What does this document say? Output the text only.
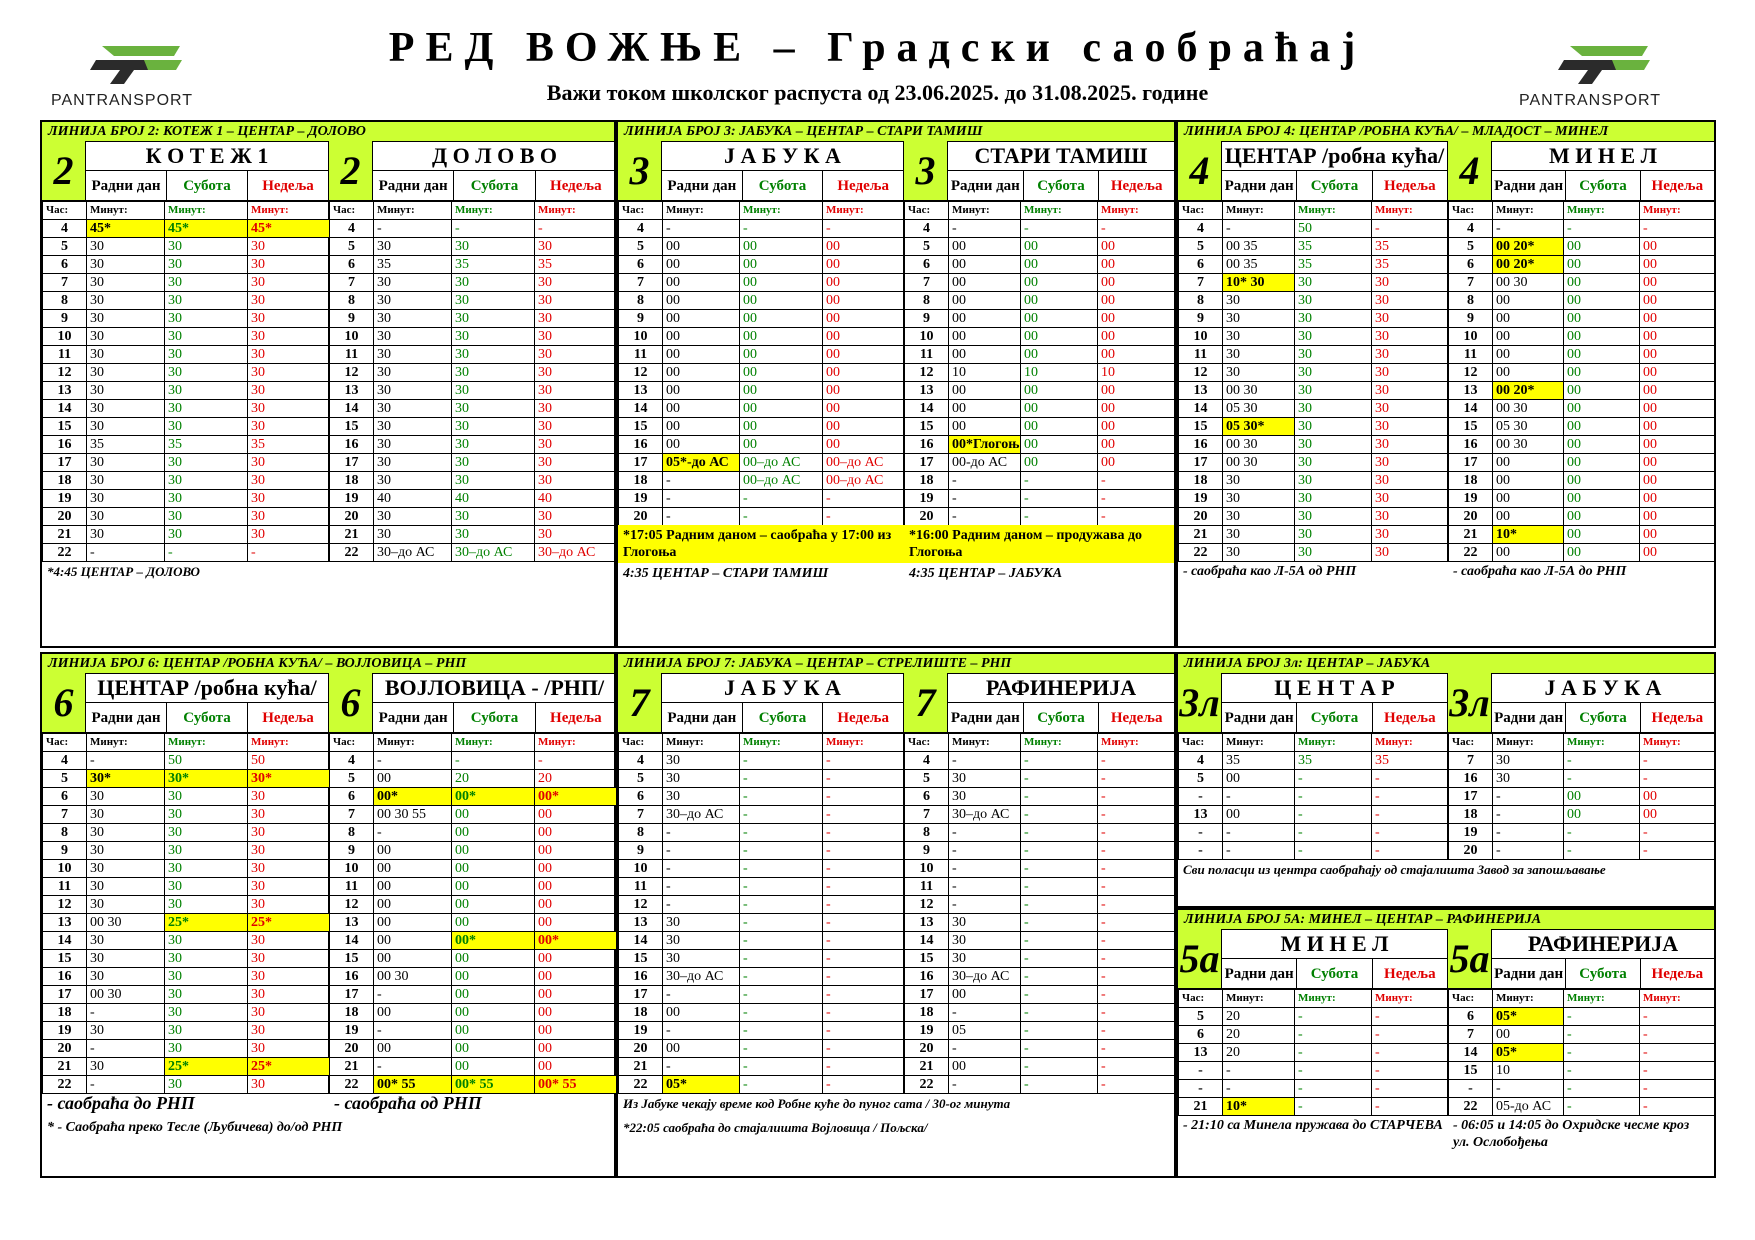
PANTRANSPORT	PANTRANSPORT
РЕД ВОЖЊЕ – Градски саобраћај
Важи током школског распуста од 23.06.2025. до 31.08.2025. године
ЛИНИЈА БРОЈ 2: КОТЕЖ 1 – ЦЕНТАР – ДОЛОВО
2	К О Т Е Ж 1
Радни дан	Субота	Недеља
Час:	Минут:	Минут:	Минут:
4	45*	45*	45*
5	30	30	30
6	30	30	30
7	30	30	30
8	30	30	30
9	30	30	30
10	30	30	30
11	30	30	30
12	30	30	30
13	30	30	30
14	30	30	30
15	30	30	30
16	35	35	35
17	30	30	30
18	30	30	30
19	30	30	30
20	30	30	30
21	30	30	30
22	-	-	-
2	Д О Л О В О
Радни дан	Субота	Недеља
Час:	Минут:	Минут:	Минут:
4	-	-	-
5	30	30	30
6	35	35	35
7	30	30	30
8	30	30	30
9	30	30	30
10	30	30	30
11	30	30	30
12	30	30	30
13	30	30	30
14	30	30	30
15	30	30	30
16	30	30	30
17	30	30	30
18	30	30	30
19	40	40	40
20	30	30	30
21	30	30	30
22	30–до АС	30–до АС	30–до АС
*4:45 ЦЕНТАР – ДОЛОВО
ЛИНИЈА БРОЈ 3: ЈАБУКА – ЦЕНТАР – СТАРИ ТАМИШ
3	Ј А Б У К А
Радни дан	Субота	Недеља
Час:	Минут:	Минут:	Минут:
4	-	-	-
5	00	00	00
6	00	00	00
7	00	00	00
8	00	00	00
9	00	00	00
10	00	00	00
11	00	00	00
12	00	00	00
13	00	00	00
14	00	00	00
15	00	00	00
16	00	00	00
17	05*-до АС	00–до АС	00–до АС
18	-	00–до АС	00–до АС
19	-	-	-
20	-	-	-
3	СТАРИ ТАМИШ
Радни дан	Субота	Недеља
Час:	Минут:	Минут:	Минут:
4	-	-	-
5	00	00	00
6	00	00	00
7	00	00	00
8	00	00	00
9	00	00	00
10	00	00	00
11	00	00	00
12	10	10	10
13	00	00	00
14	00	00	00
15	00	00	00
16	00*Глогоњ	00	00
17	00-до АС	00	00
18	-	-	-
19	-	-	-
20	-	-	-
*17:05 Радним даном – саобраћа у 17:00 из Глогоња
*16:00 Радним даном – продужава до Глогоња
4:35 ЦЕНТАР – СТАРИ ТАМИШ	4:35 ЦЕНТАР – ЈАБУКА
ЛИНИЈА БРОЈ 4: ЦЕНТАР /РОБНА КУЋА/ – МЛАДОСТ – МИНЕЛ
4 ЦЕНТАР /робна кућа/
Радни дан	Субота	Недеља
Час:	Минут:	Минут:	Минут:
4	-	50	-
5	00 35	35	35
6	00 35	35	35
7	10* 30	30	30
8	30	30	30
9	30	30	30
10	30	30	30
11	30	30	30
12	30	30	30
13	00 30	30	30
14	05 30	30	30
15	05 30*	30	30
16	00 30	30	30
17	00 30	30	30
18	30	30	30
19	30	30	30
20	30	30	30
21	30	30	30
22	30	30	30
4	М И Н Е Л
Радни дан	Субота	Недеља
Час:	Минут:	Минут:	Минут:
4	-	-	-
5	00 20*	00	00
6	00 20*	00	00
7	00 30	00	00
8	00	00	00
9	00	00	00
10	00	00	00
11	00	00	00
12	00	00	00
13	00 20*	00	00
14	00 30	00	00
15	05 30	00	00
16	00 30	00	00
17	00	00	00
18	00	00	00
19	00	00	00
20	00	00	00
21	10*	00	00
22	00	00	00
- саобраћа као Л-5А од РНП	- саобраћа као Л-5А до РНП
ЛИНИЈА БРОЈ 6: ЦЕНТАР /РОБНА КУЋА/ – ВОЈЛОВИЦА – РНП
6	ЦЕНТАР /робна кућа/
Радни дан	Субота	Недеља
Час:	Минут:	Минут:	Минут:
4	-	50	50
5	30*	30*	30*
6	30	30	30
7	30	30	30
8	30	30	30
9	30	30	30
10	30	30	30
11	30	30	30
12	30	30	30
13	00 30	25*	25*
14	30	30	30
15	30	30	30
16	30	30	30
17	00 30	30	30
18	-	30	30
19	30	30	30
20	-	30	30
21	30	25*	25*
22	-	30	30
6	ВОЈЛОВИЦА - /РНП/
Радни дан	Субота	Недеља
Час:	Минут:	Минут:	Минут:
4	-	-	-
5	00	20	20
6	00*	00*	00*
7	00 30 55	00	00
8	-	00	00
9	00	00	00
10	00	00	00
11	00	00	00
12	00	00	00
13	00	00	00
14	00	00*	00*
15	00	00	00
16	00 30	00	00
17	-	00	00
18	00	00	00
19	-	00	00
20	00	00	00
21	-	00	00
22	00* 55	00* 55	00* 55
- саобраћа до РНП	- саобраћа од РНП
* - Саобраћа преко Тесле (Љубичева) до/од РНП
ЛИНИЈА БРОЈ 7: ЈАБУКА – ЦЕНТАР – СТРЕЛИШТЕ – РНП
7	Ј А Б У К А
Радни дан	Субота	Недеља
Час:	Минут:	Минут:	Минут:
4	30	-	-
5	30	-	-
6	30	-	-
7	30–до АС	-	-
8	-	-	-
9	-	-	-
10	-	-	-
11	-	-	-
12	-	-	-
13	30	-	-
14	30	-	-
15	30	-	-
16	30–до АС	-	-
17	-	-	-
18	00	-	-
19	-	-	-
20	00	-	-
21	-	-	-
22	05*	-	-
7	РАФИНЕРИЈА
Радни дан	Субота	Недеља
Час:	Минут:	Минут:	Минут:
4	-	-	-
5	30	-	-
6	30	-	-
7	30–до АС	-	-
8	-	-	-
9	-	-	-
10	-	-	-
11	-	-	-
12	-	-	-
13	30	-	-
14	30	-	-
15	30	-	-
16	30–до АС	-	-
17	00	-	-
18	-	-	-
19	05	-	-
20	-	-	-
21	00	-	-
22	-	-	-
Из Јабуке чекају време код Робне куће до пуног сата / 30-ог минута
*22:05 саобраћа до стајалишта Војловица / Пољска/
ЛИНИЈА БРОЈ 3л: ЦЕНТАР – ЈАБУКА
3л	Ц Е Н Т А Р
Радни дан	Субота	Недеља
Час:	Минут:	Минут:	Минут:
4	35	35	35
5	00	-	-
-	-	-	-
13	00	-	-
-	-	-	-
-	-	-	-
3л	Ј А Б У К А
Радни дан	Субота	Недеља
Час:	Минут:	Минут:	Минут:
7	30	-	-
16	30	-	-
17	-	00	00
18	-	00	00
19	-	-	-
20	-	-	-
Сви поласци из центра саобраћају од стајалишта Завод за запошљавање
ЛИНИЈА БРОЈ 5А: МИНЕЛ – ЦЕНТАР – РАФИНЕРИЈА
5а	М И Н Е Л
Радни дан	Субота	Недеља
Час:	Минут:	Минут:	Минут:
5	20	-	-
6	20	-	-
13	20	-	-
-	-	-	-
-	-	-	-
21	10*	-	-
5а	РАФИНЕРИЈА
Радни дан	Субота	Недеља
Час:	Минут:	Минут:	Минут:
6	05*	-	-
7	00	-	-
14	05*	-	-
15	10	-	-
-	-	-	-
22	05-до АС	-	-
- 21:10 са Минела пружава до СТАРЧЕВА - 06:05 и 14:05 до Охридске чесме кроз ул. Ослобођења
